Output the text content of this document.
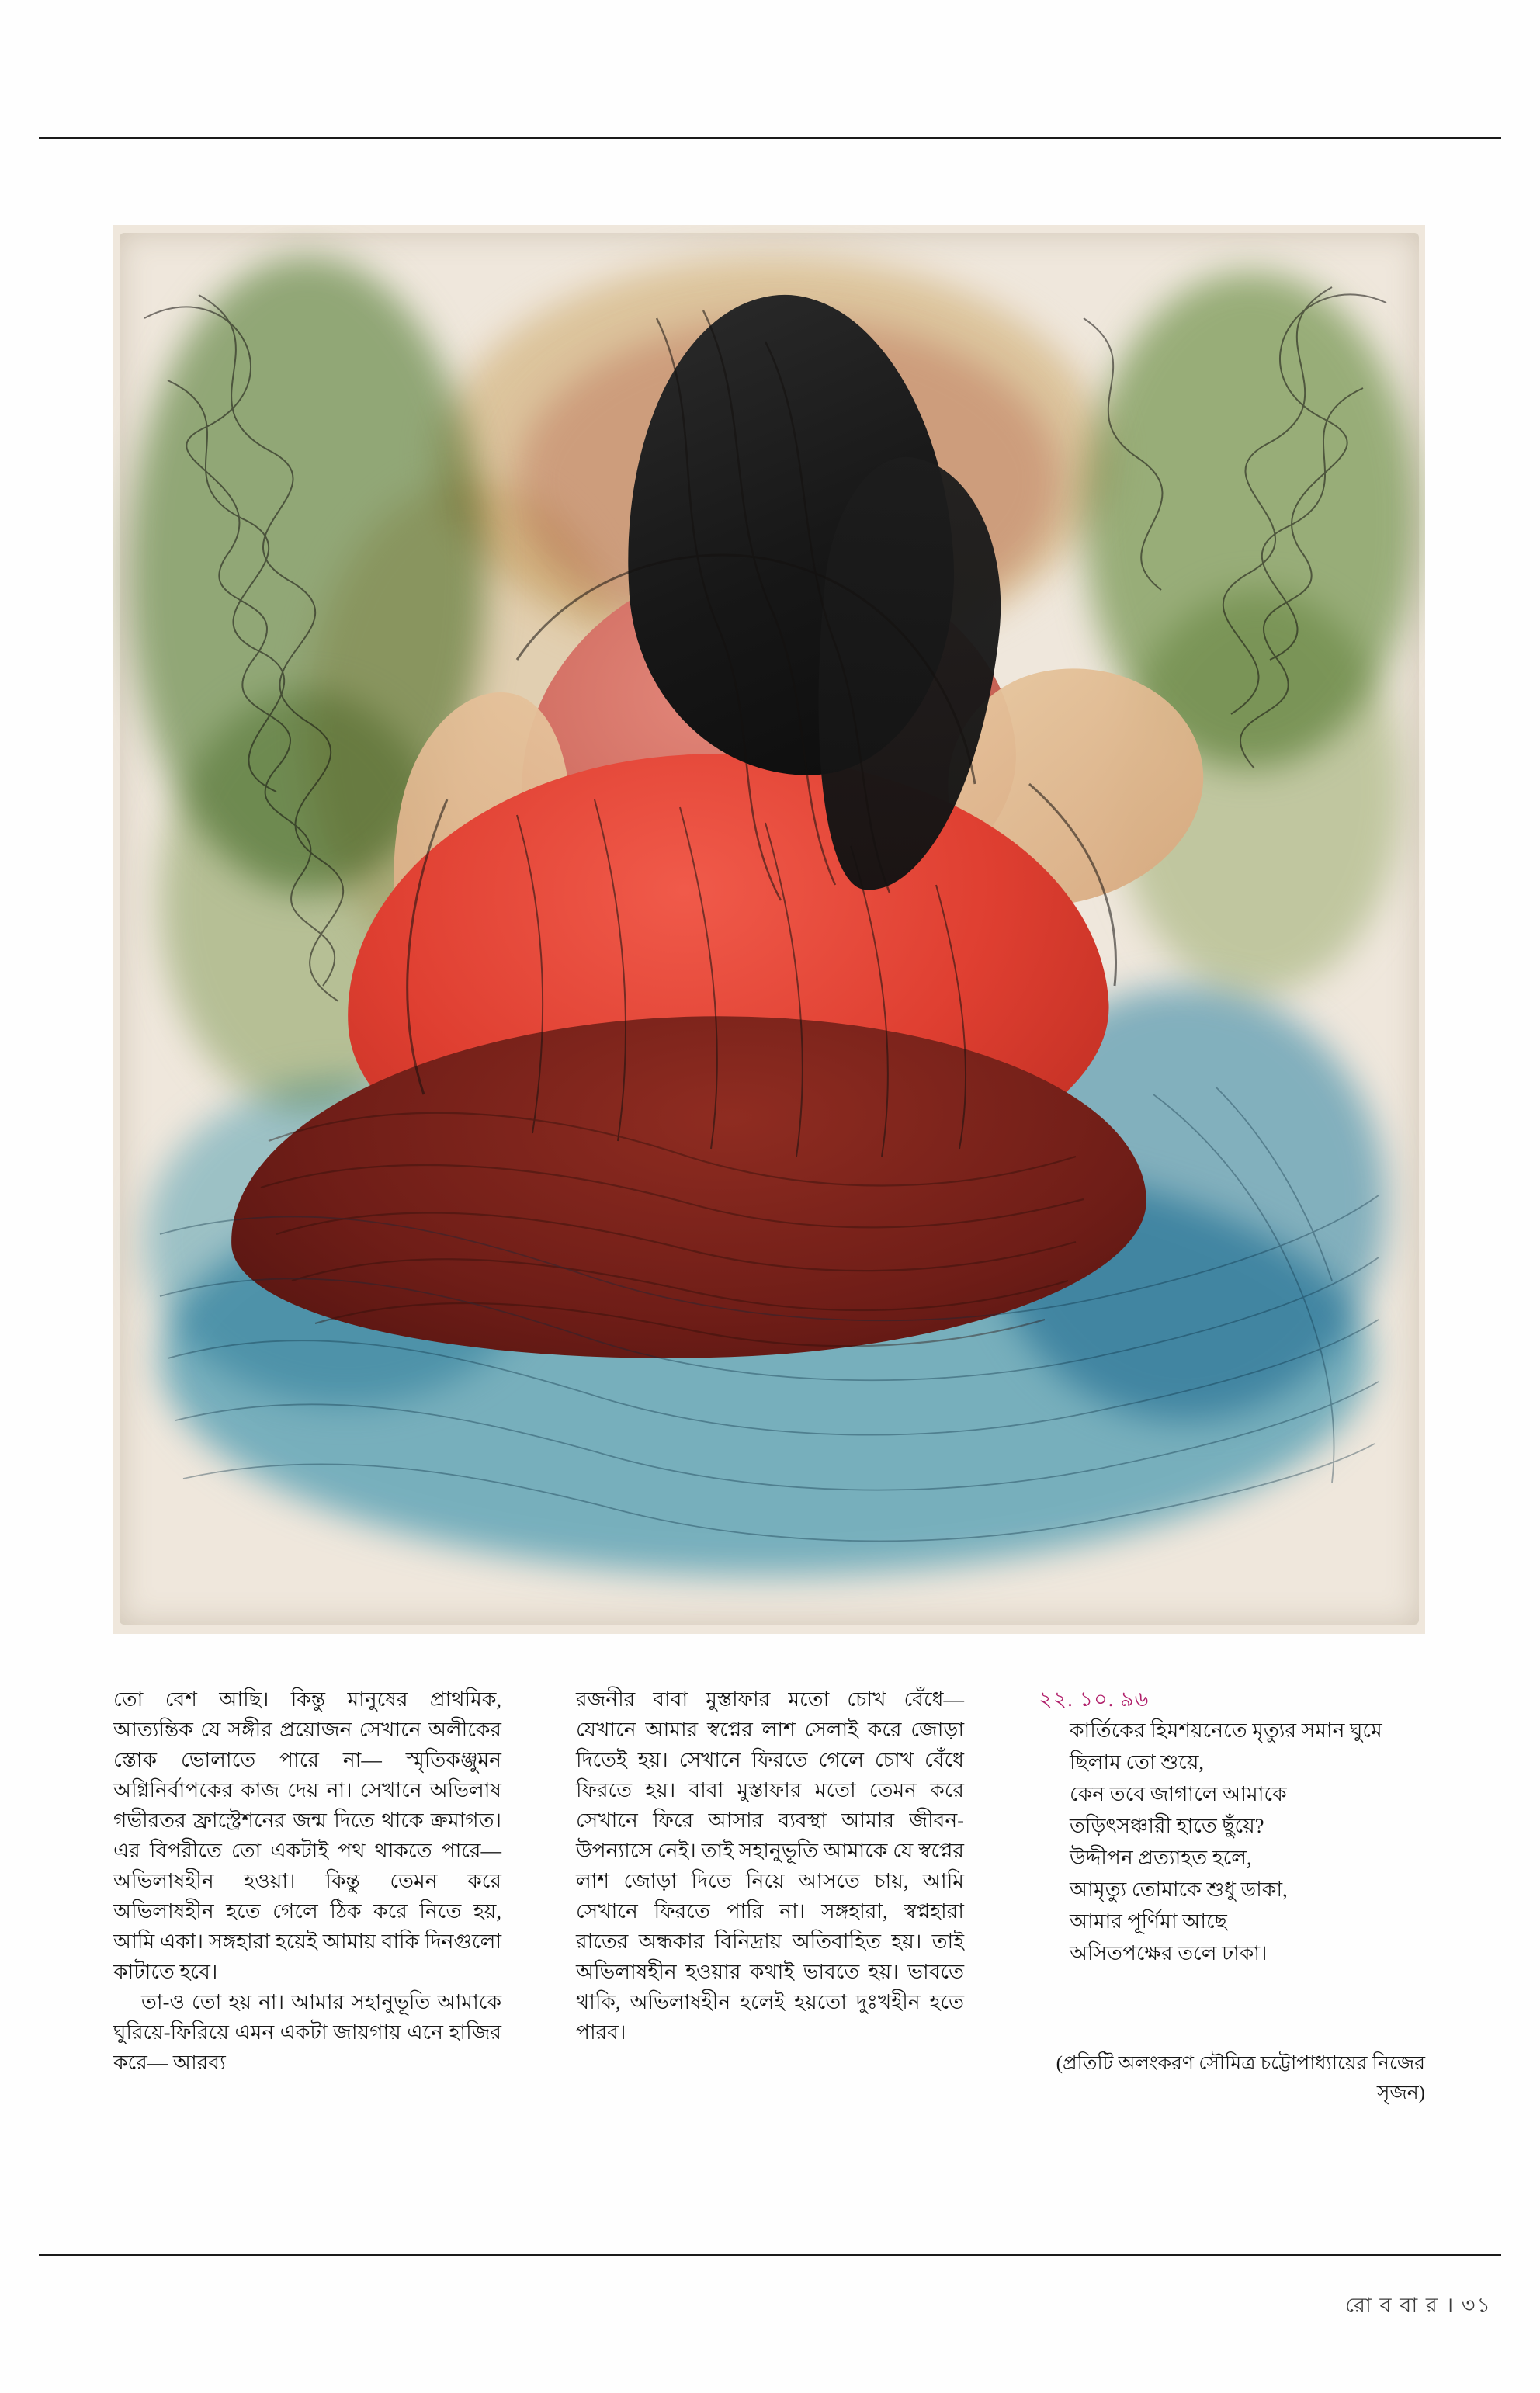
তো বেশ আছি। কিন্তু মানুষের প্রাথমিক, আত্যন্তিক যে সঙ্গীর প্রয়োজন সেখানে অলীকের স্তোক ভোলাতে পারে না— স্মৃতিকঞ্জুমন অগ্নিনির্বাপকের কাজ দেয় না। সেখানে অভিলাষ গভীরতর ফ্রাস্ট্রেশনের জন্ম দিতে থাকে ক্রমাগত। এর বিপরীতে তো একটাই পথ থাকতে পারে— অভিলাষহীন হওয়া। কিন্তু তেমন করে অভিলাষহীন হতে গেলে ঠিক করে নিতে হয়, আমি একা। সঙ্গহারা হয়েই আমায় বাকি দিনগুলো কাটাতে হবে।

তা-ও তো হয় না। আমার সহানুভূতি আমাকে ঘুরিয়ে-ফিরিয়ে এমন একটা জায়গায় এনে হাজির করে— আরব্য

রজনীর বাবা মুস্তাফার মতো চোখ বেঁধে— যেখানে আমার স্বপ্নের লাশ সেলাই করে জোড়া দিতেই হয়। সেখানে ফিরতে গেলে চোখ বেঁধে ফিরতে হয়। বাবা মুস্তাফার মতো তেমন করে সেখানে ফিরে আসার ব্যবস্থা আমার জীবন-উপন্যাসে নেই। তাই সহানুভূতি আমাকে যে স্বপ্নের লাশ জোড়া দিতে নিয়ে আসতে চায়, আমি সেখানে ফিরতে পারি না। সঙ্গহারা, স্বপ্নহারা রাতের অন্ধকার বিনিদ্রায় অতিবাহিত হয়। তাই অভিলাষহীন হওয়ার কথাই ভাবতে হয়। ভাবতে থাকি, অভিলাষহীন হলেই হয়তো দুঃখহীন হতে পারব।

২২. ১০. ৯৬

কার্তিকের হিমশয়নেতে মৃত্যুর সমান ঘুমে
ছিলাম তো শুয়ে,
কেন তবে জাগালে আমাকে
তড়িৎসঞ্চারী হাতে ছুঁয়ে?
উদ্দীপন প্রত্যাহত হলে,
আমৃত্যু তোমাকে শুধু ডাকা,
আমার পূর্ণিমা আছে
অসিতপক্ষের তলে ঢাকা।
(প্রতিটি অলংকরণ সৌমিত্র চট্টোপাধ্যায়ের নিজের সৃজন)
রো ব বা র । ৩১
